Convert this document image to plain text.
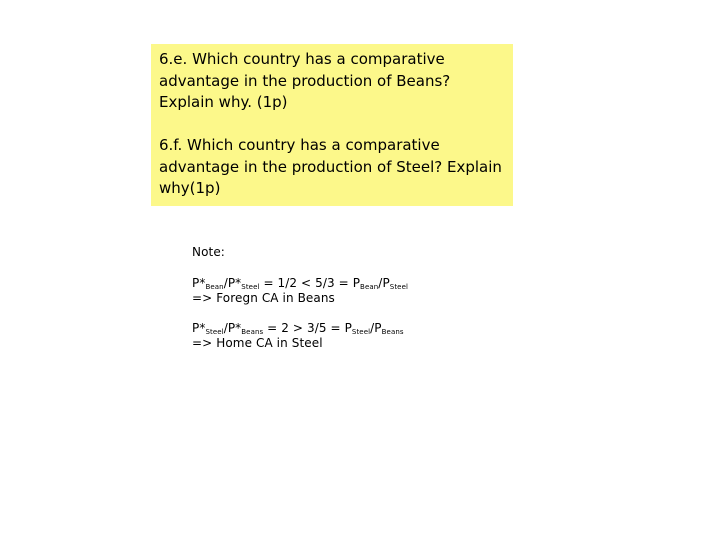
6.e. Which country has a comparative advantage in the production of Beans? Explain why. (1p)

6.f. Which country has a comparative advantage in the production of Steel? Explain why(1p)

Note:

$P*_{Bean}/P*_{Steel} = 1/2 < 5/3 = P_{Bean}/P_{Steel}$
=> Foregn CA in Beans
$P*_{Steel}/P*_{Beans} = 2 > 3/5 = P_{Steel}/P_{Beans}$
=> Home CA in Steel
